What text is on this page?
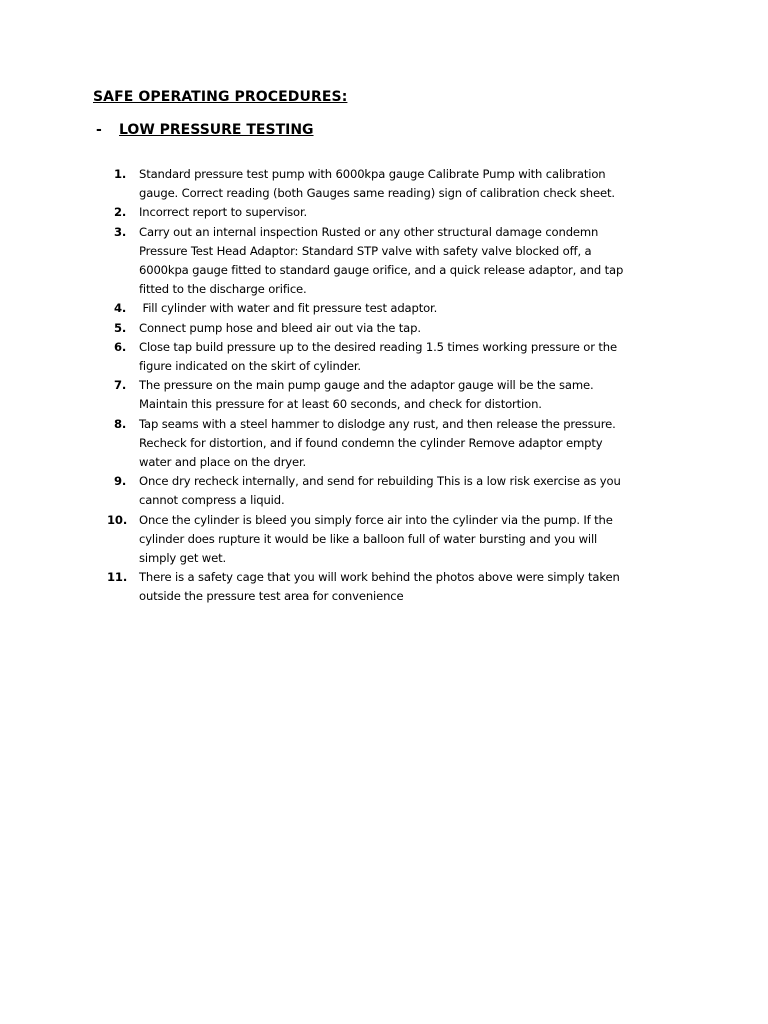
SAFE OPERATING PROCEDURES:
- LOW PRESSURE TESTING
1. Standard pressure test pump with 6000kpa gauge Calibrate Pump with calibration
gauge. Correct reading (both Gauges same reading) sign of calibration check sheet.
2. Incorrect report to supervisor.
3. Carry out an internal inspection Rusted or any other structural damage condemn
Pressure Test Head Adaptor: Standard STP valve with safety valve blocked off, a
6000kpa gauge fitted to standard gauge orifice, and a quick release adaptor, and tap
fitted to the discharge orifice.
4. Fill cylinder with water and fit pressure test adaptor.
5. Connect pump hose and bleed air out via the tap.
6. Close tap build pressure up to the desired reading 1.5 times working pressure or the
figure indicated on the skirt of cylinder.
7. The pressure on the main pump gauge and the adaptor gauge will be the same.
Maintain this pressure for at least 60 seconds, and check for distortion.
8. Tap seams with a steel hammer to dislodge any rust, and then release the pressure.
Recheck for distortion, and if found condemn the cylinder Remove adaptor empty
water and place on the dryer.
9. Once dry recheck internally, and send for rebuilding This is a low risk exercise as you
cannot compress a liquid.
10. Once the cylinder is bleed you simply force air into the cylinder via the pump. If the
cylinder does rupture it would be like a balloon full of water bursting and you will
simply get wet.
11. There is a safety cage that you will work behind the photos above were simply taken
outside the pressure test area for convenience
